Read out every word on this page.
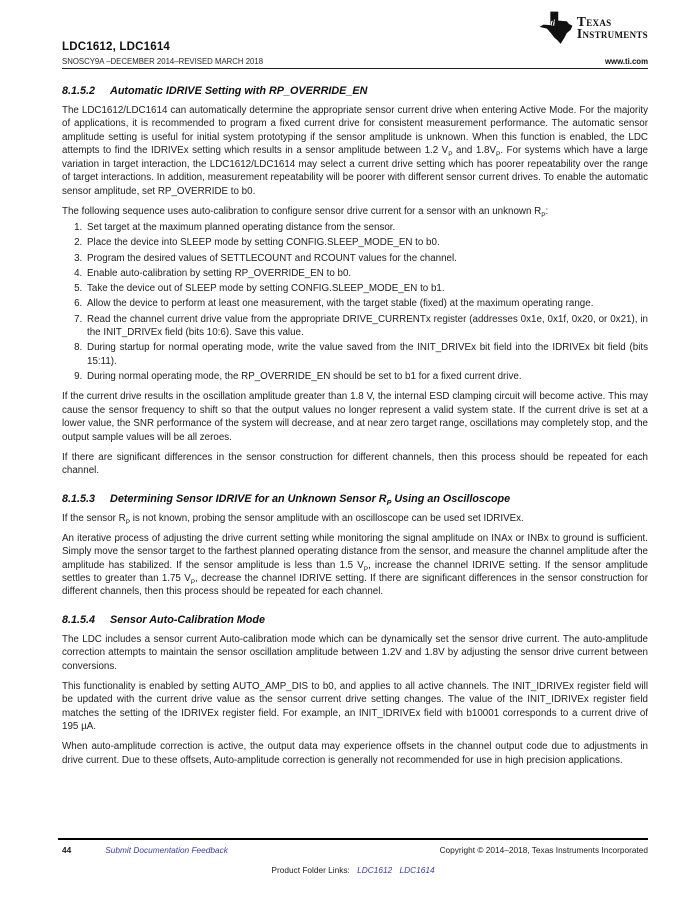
ti Texas
Instruments
LDC1612, LDC1614
SNOSCY9A –DECEMBER 2014–REVISED MARCH 2018	www.ti.com
8.1.5.2 Automatic IDRIVE Setting with RP_OVERRIDE_EN

The LDC1612/LDC1614 can automatically determine the appropriate sensor current drive when entering Active Mode. For the majority of applications, it is recommended to program a fixed current drive for consistent measurement performance. The automatic sensor amplitude setting is useful for initial system prototyping if the sensor amplitude is unknown. When this function is enabled, the LDC attempts to find the IDRIVEx setting which results in a sensor amplitude between 1.2 $V_P$ and $1.8V_P$. For systems which have a large variation in target interaction, the LDC1612/LDC1614 may select a current drive setting which has poorer repeatability over the range of target interactions. In addition, measurement repeatability will be poorer with different sensor current drives. To enable the automatic sensor amplitude, set RP_OVERRIDE to b0.

The following sequence uses auto-calibration to configure sensor drive current for a sensor with an unknown $R_P$:

1. Set target at the maximum planned operating distance from the sensor.
2. Place the device into SLEEP mode by setting CONFIG.SLEEP_MODE_EN to b0.
3. Program the desired values of SETTLECOUNT and RCOUNT values for the channel.
4. Enable auto-calibration by setting RP_OVERRIDE_EN to b0.
5. Take the device out of SLEEP mode by setting CONFIG.SLEEP_MODE_EN to b1.
6. Allow the device to perform at least one measurement, with the target stable (fixed) at the maximum operating range.
7. Read the channel current drive value from the appropriate DRIVE_CURRENTx register (addresses 0x1e, 0x1f, 0x20, or 0x21), in the INIT_DRIVEx field (bits 10:6). Save this value.
8. During startup for normal operating mode, write the value saved from the INIT_DRIVEx bit field into the IDRIVEx bit field (bits 15:11).
9. During normal operating mode, the RP_OVERRIDE_EN should be set to b1 for a fixed current drive.

If the current drive results in the oscillation amplitude greater than 1.8 V, the internal ESD clamping circuit will become active. This may cause the sensor frequency to shift so that the output values no longer represent a valid system state. If the current drive is set at a lower value, the SNR performance of the system will decrease, and at near zero target range, oscillations may completely stop, and the output sample values will be all zeroes.

If there are significant differences in the sensor construction for different channels, then this process should be repeated for each channel.

8.1.5.3 Determining Sensor IDRIVE for an Unknown Sensor $R_P$ Using an Oscilloscope

If the sensor $R_P$ is not known, probing the sensor amplitude with an oscilloscope can be used set IDRIVEx.

An iterative process of adjusting the drive current setting while monitoring the signal amplitude on INAx or INBx to ground is sufficient. Simply move the sensor target to the farthest planned operating distance from the sensor, and measure the channel amplitude after the amplitude has stabilized. If the sensor amplitude is less than 1.5 $V_P$, increase the channel IDRIVE setting. If the sensor amplitude settles to greater than 1.75 $V_P$, decrease the channel IDRIVE setting. If there are significant differences in the sensor construction for different channels, then this process should be repeated for each channel.

8.1.5.4 Sensor Auto-Calibration Mode

The LDC includes a sensor current Auto-calibration mode which can be dynamically set the sensor drive current. The auto-amplitude correction attempts to maintain the sensor oscillation amplitude between 1.2V and 1.8V by adjusting the sensor drive current between conversions.

This functionality is enabled by setting AUTO_AMP_DIS to b0, and applies to all active channels. The INIT_IDRIVEx register field will be updated with the current drive value as the sensor current drive setting changes. The value of the INIT_IDRIVEx register field matches the setting of the IDRIVEx register field. For example, an INIT_IDRIVEx field with b10001 corresponds to a current drive of 195 µA.

When auto-amplitude correction is active, the output data may experience offsets in the channel output code due to adjustments in drive current. Due to these offsets, Auto-amplitude correction is generally not recommended for use in high precision applications.

44	Submit Documentation Feedback	Copyright © 2014–2018, Texas Instruments Incorporated
Product Folder Links: LDC1612 LDC1614
